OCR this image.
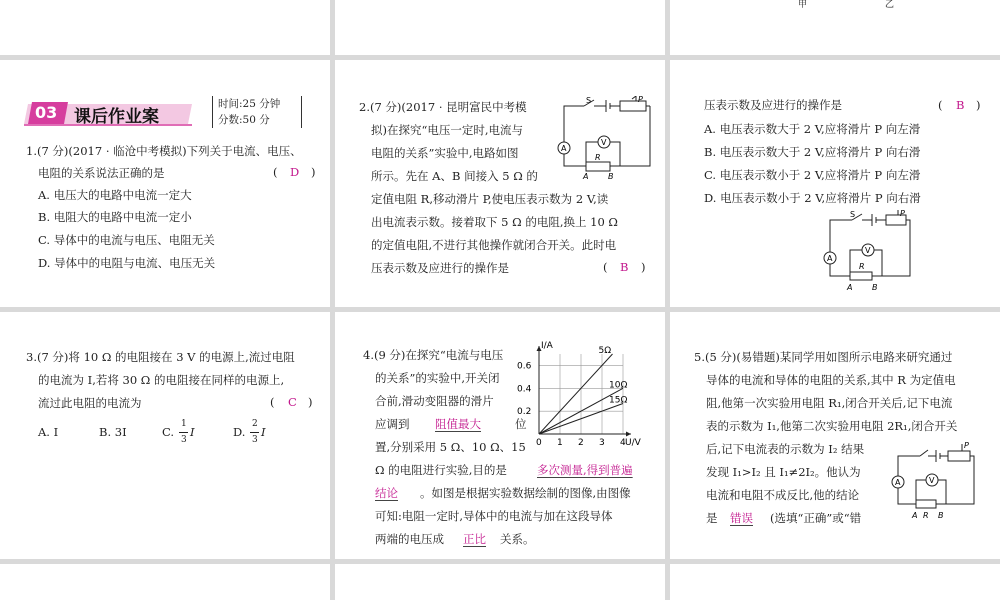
甲	乙
03 课后作业案
时间:25 分钟
分数:50 分
1.(7 分)(2017 · 临沧中考模拟)下列关于电流、电压、
电阻的关系说法正确的是	( D )
A. 电压大的电路中电流一定大
B. 电阻大的电路中电流一定小
C. 导体中的电流与电压、电阻无关
D. 导体中的电阻与电流、电压无关
2.(7 分)(2017 · 昆明富民中考模
拟)在探究“电压一定时,电流与
电阻的关系”实验中,电路如图
所示。先在 A、B 间接入 5 Ω 的
定值电阻 R,移动滑片 P,使电压表示数为 2 V,读
出电流表示数。接着取下 5 Ω 的电阻,换上 10 Ω
的定值电阻,不进行其他操作就闭合开关。此时电
压表示数及应进行的操作是	( B )
S	P
A
V
R
A B
压表示数及应进行的操作是	( B )
A. 电压表示数大于 2 V,应将滑片 P 向左滑
B. 电压表示数大于 2 V,应将滑片 P 向右滑
C. 电压表示数小于 2 V,应将滑片 P 向左滑
D. 电压表示数小于 2 V,应将滑片 P 向右滑
S	P
A
V
R
A B
3.(7 分)将 10 Ω 的电阻接在 3 V 的电源上,流过电阻
的电流为 I,若将 30 Ω 的电阻接在同样的电源上,
流过此电阻的电流为	( C )
A. I	B. 3I	C.
1
3
I	D.
2
3
I
4.(9 分)在探究“电流与电压
的关系”的实验中,开关闭
合前,滑动变阻器的滑片
应调到 阻值最大	位
置,分别采用 5 Ω、10 Ω、15
Ω 的电阻进行实验,目的是	多次测量,得到普遍
结论 。如图是根据实验数据绘制的图像,由图像
可知:电阻一定时,导体中的电流与加在这段导体
两端的电压成 正比 关系。
0 1 2 3 4
0.2
0.4
0.6
U/V
I/A	5Ω
10Ω
15Ω
5.(5 分)(易错题)某同学用如图所示电路来研究通过
导体的电流和导体的电阻的关系,其中 R 为定值电
阻,他第一次实验用电阻 R₁,闭合开关后,记下电流
表的示数为 I₁,他第二次实验用电阻 2R₁,闭合开关
后,记下电流表的示数为 I₂ 结果
发现 I₁>I₂ 且 I₁≠2I₂。他认为
电流和电阻不成反比,他的结论
是 错误 (选填“正确”或“错
P
A	V
A R B
